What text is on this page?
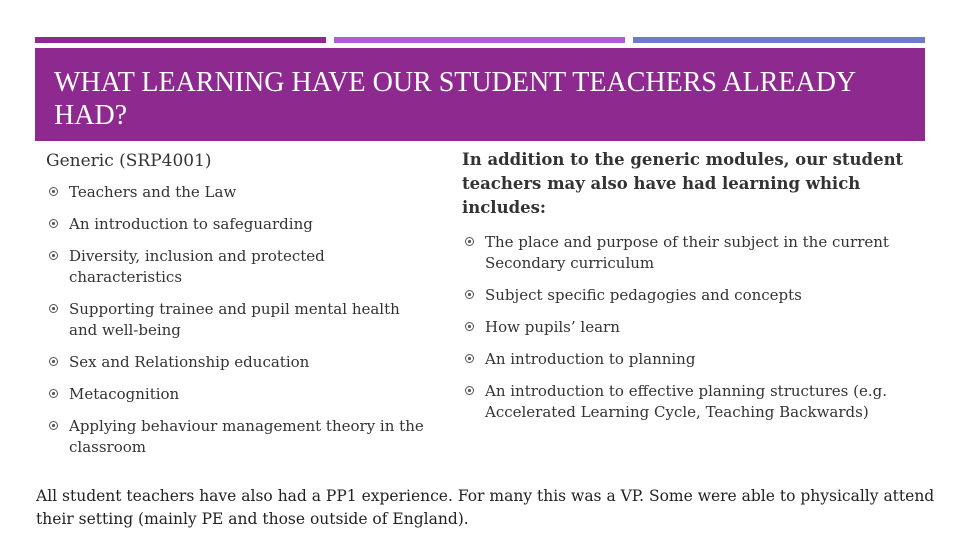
WHAT LEARNING HAVE OUR STUDENT TEACHERS ALREADY HAD?
Generic (SRP4001)
Teachers and the Law
An introduction to safeguarding
Diversity, inclusion and protected characteristics
Supporting trainee and pupil mental health and well-being
Sex and Relationship education
Metacognition
Applying behaviour management theory in the classroom
In addition to the generic modules, our student teachers may also have had learning which includes:
The place and purpose of their subject in the current Secondary curriculum
Subject specific pedagogies and concepts
How pupils’ learn
An introduction to planning
An introduction to effective planning structures (e.g. Accelerated Learning Cycle, Teaching Backwards)

All student teachers have also had a PP1 experience. For many this was a VP. Some were able to physically attend their setting (mainly PE and those outside of England).
